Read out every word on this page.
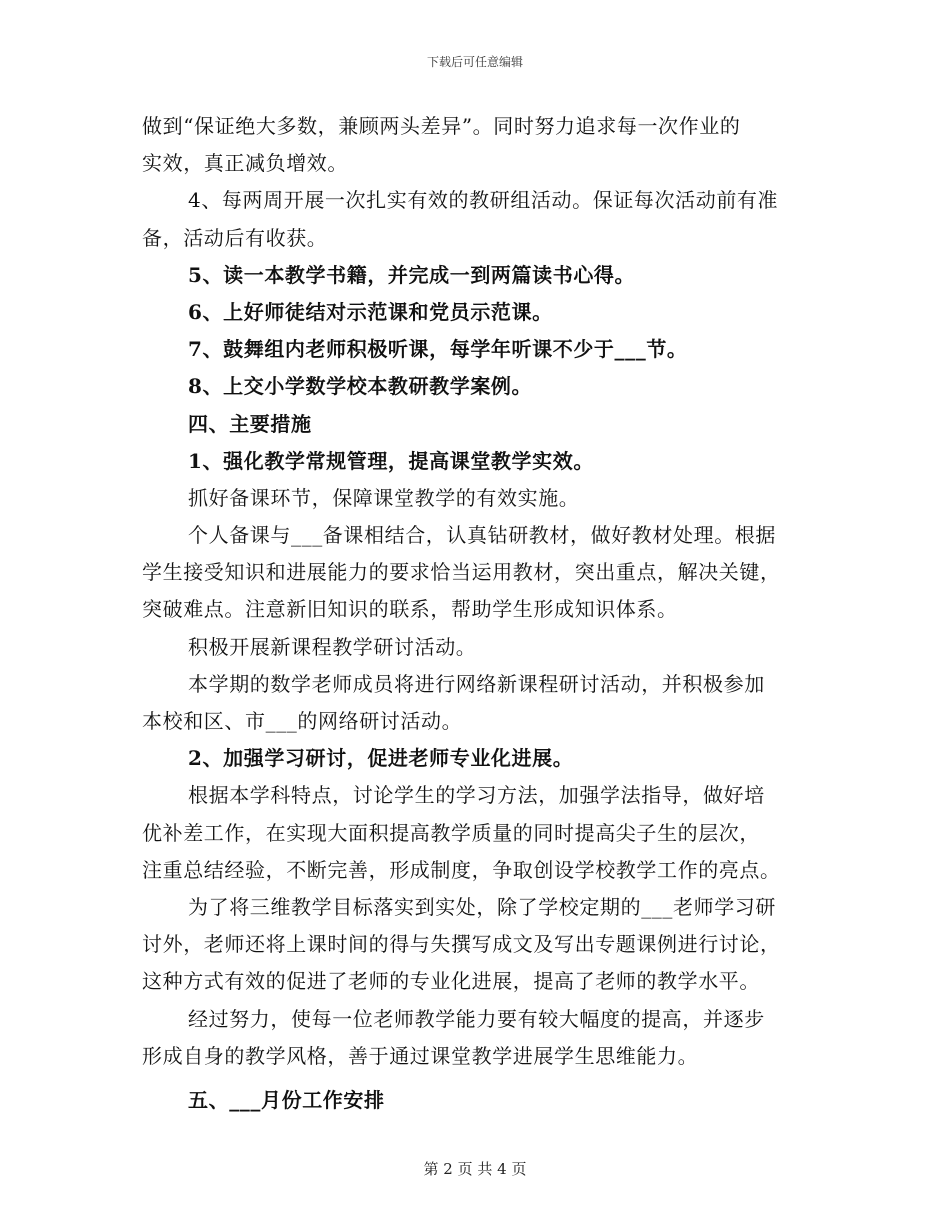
下载后可任意编辑
做到“保证绝大多数，兼顾两头差异”。同时努力追求每一次作业的
实效，真正减负增效。
4、每两周开展一次扎实有效的教研组活动。保证每次活动前有准
备，活动后有收获。
5、读一本教学书籍，并完成一到两篇读书心得。
6、上好师徒结对示范课和党员示范课。
7、鼓舞组内老师积极听课，每学年听课不少于___节。
8、上交小学数学校本教研教学案例。
四、主要措施
1、强化教学常规管理，提高课堂教学实效。
抓好备课环节，保障课堂教学的有效实施。
个人备课与___备课相结合，认真钻研教材，做好教材处理。根据
学生接受知识和进展能力的要求恰当运用教材，突出重点，解决关键，
突破难点。注意新旧知识的联系，帮助学生形成知识体系。
积极开展新课程教学研讨活动。
本学期的数学老师成员将进行网络新课程研讨活动，并积极参加
本校和区、市___的网络研讨活动。
2、加强学习研讨，促进老师专业化进展。
根据本学科特点，讨论学生的学习方法，加强学法指导，做好培
优补差工作，在实现大面积提高教学质量的同时提高尖子生的层次，
注重总结经验，不断完善，形成制度，争取创设学校教学工作的亮点。
为了将三维教学目标落实到实处，除了学校定期的___老师学习研
讨外，老师还将上课时间的得与失撰写成文及写出专题课例进行讨论，
这种方式有效的促进了老师的专业化进展，提高了老师的教学水平。
经过努力，使每一位老师教学能力要有较大幅度的提高，并逐步
形成自身的教学风格，善于通过课堂教学进展学生思维能力。
五、___月份工作安排
第 2 页 共 4 页
